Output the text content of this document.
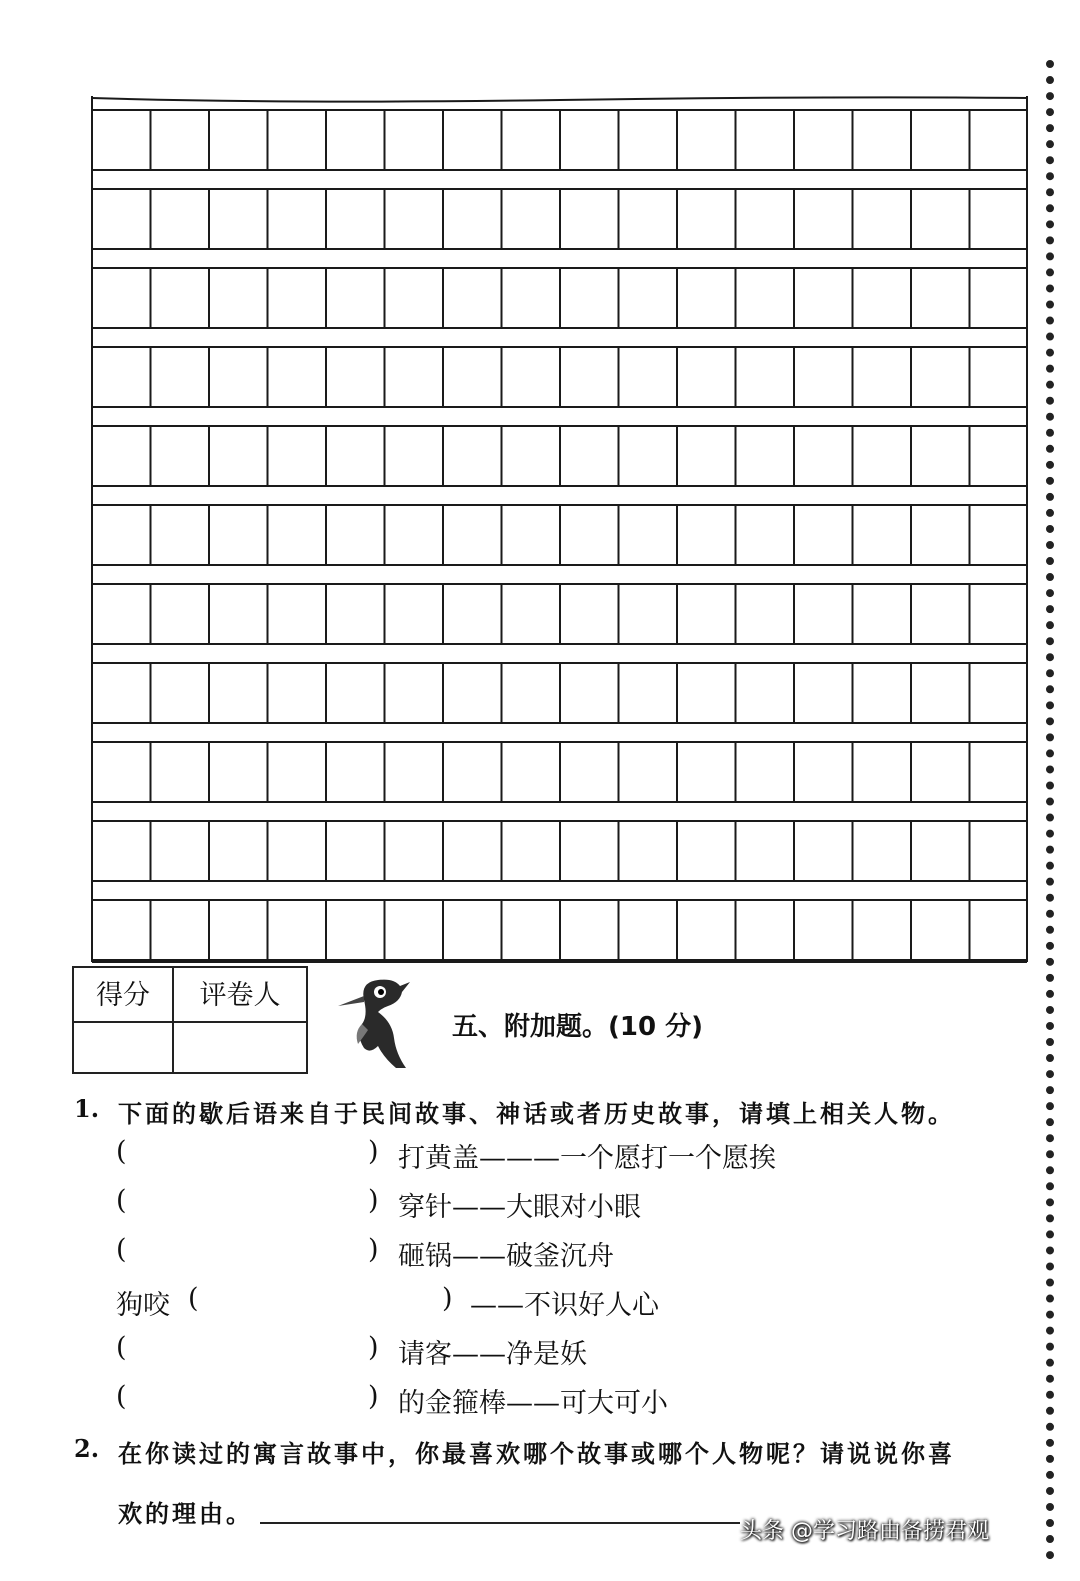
得分	评卷人
五、附加题。(10 分)
1. 下面的歇后语来自于民间故事、神话或者历史故事，请填上相关人物。
(	) 打黄盖———一个愿打一个愿挨
(	) 穿针——大眼对小眼
(	) 砸锅——破釜沉舟
狗咬 (	) ——不识好人心
(	) 请客——净是妖
(	) 的金箍棒——可大可小
2. 在你读过的寓言故事中，你最喜欢哪个故事或哪个人物呢？请说说你喜
欢的理由。
头条 @学习路由备捞君观
